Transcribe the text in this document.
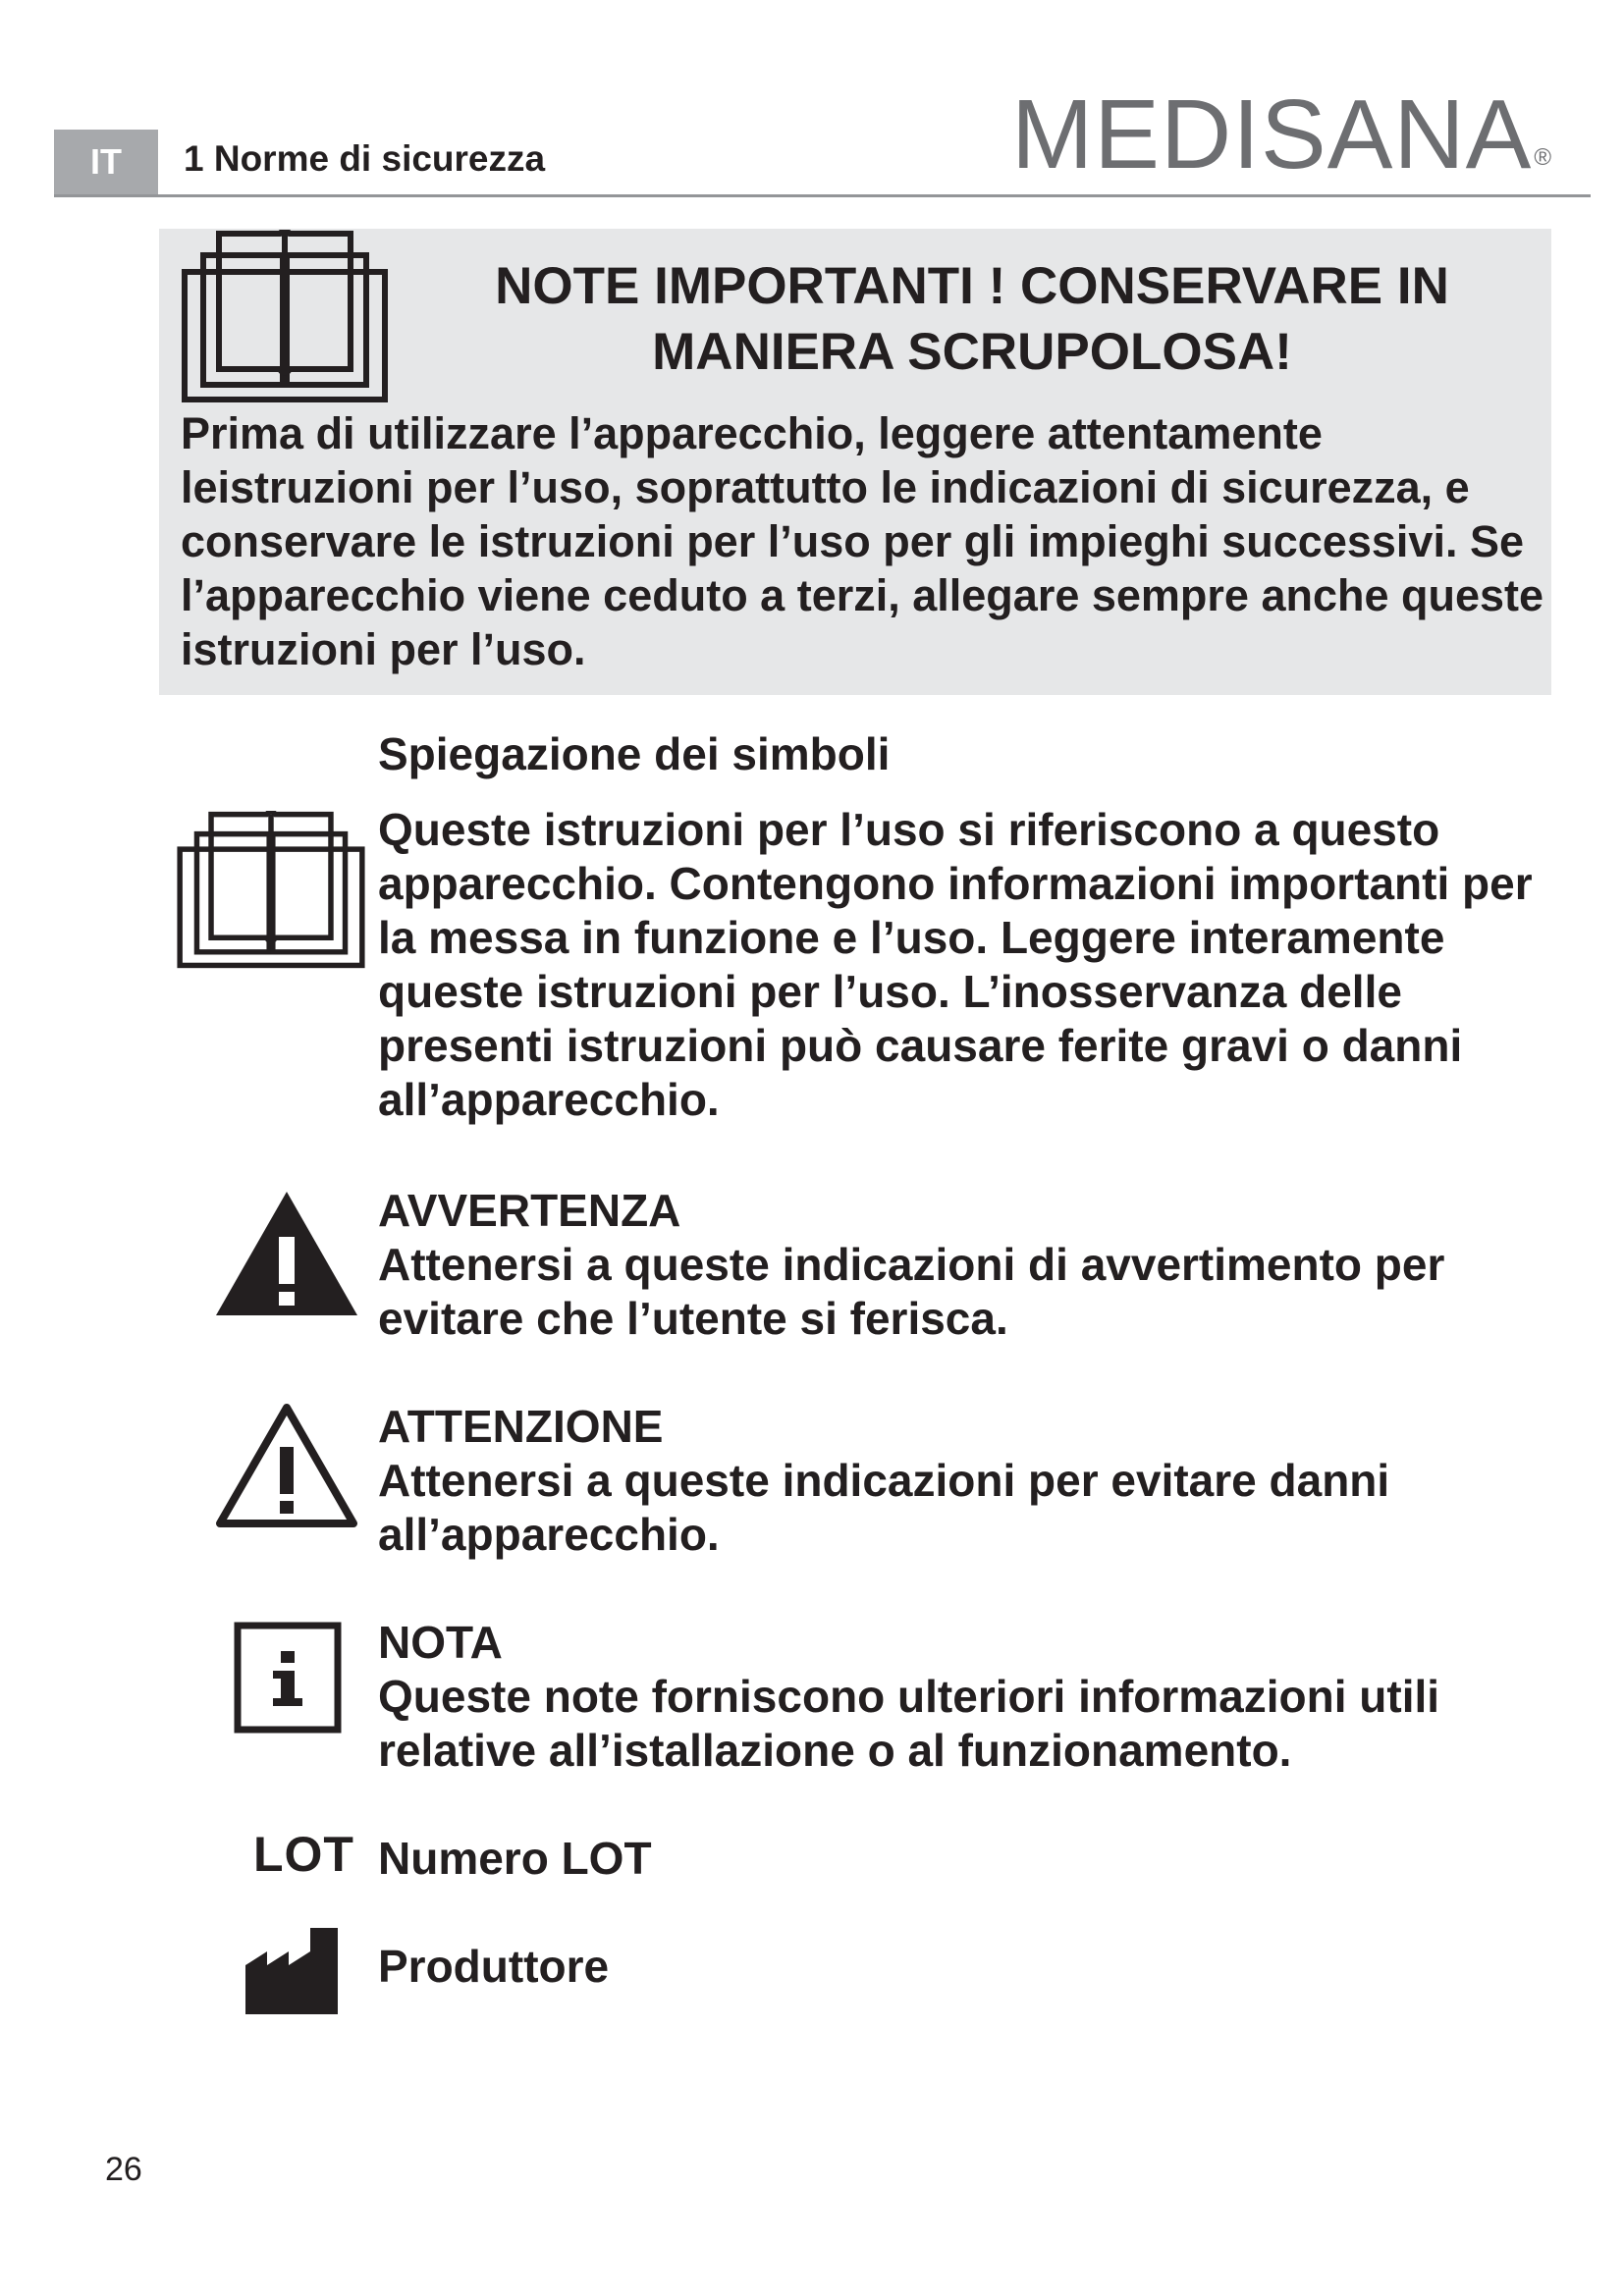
IT	1 Norme di sicurezza	MEDISANA®
NOTE IMPORTANTI ! CONSERVARE IN MANIERA SCRUPOLOSA!
Prima di utilizzare l’apparecchio, leggere attentamente leistruzioni per l’uso, soprattutto le indicazioni di sicurezza, e conservare le istruzioni per l’uso per gli impieghi successivi. Se l’apparecchio viene ceduto a terzi, allegare sempre anche queste istruzioni per l’uso.
Spiegazione dei simboli
Queste istruzioni per l’uso si riferiscono a questo apparecchio. Contengono informazioni importanti per la messa in funzione e l’uso. Leggere interamente queste istruzioni per l’uso. L’inosservanza delle presenti istruzioni può causare ferite gravi o danni all’apparecchio.
AVVERTENZA
Attenersi a queste indicazioni di avvertimento per evitare che l’utente si ferisca.
ATTENZIONE
Attenersi a queste indicazioni per evitare danni all’apparecchio.
NOTA
Queste note forniscono ulteriori informazioni utili relative all’istallazione o al funzionamento.
LOT Numero LOT
Produttore
26
